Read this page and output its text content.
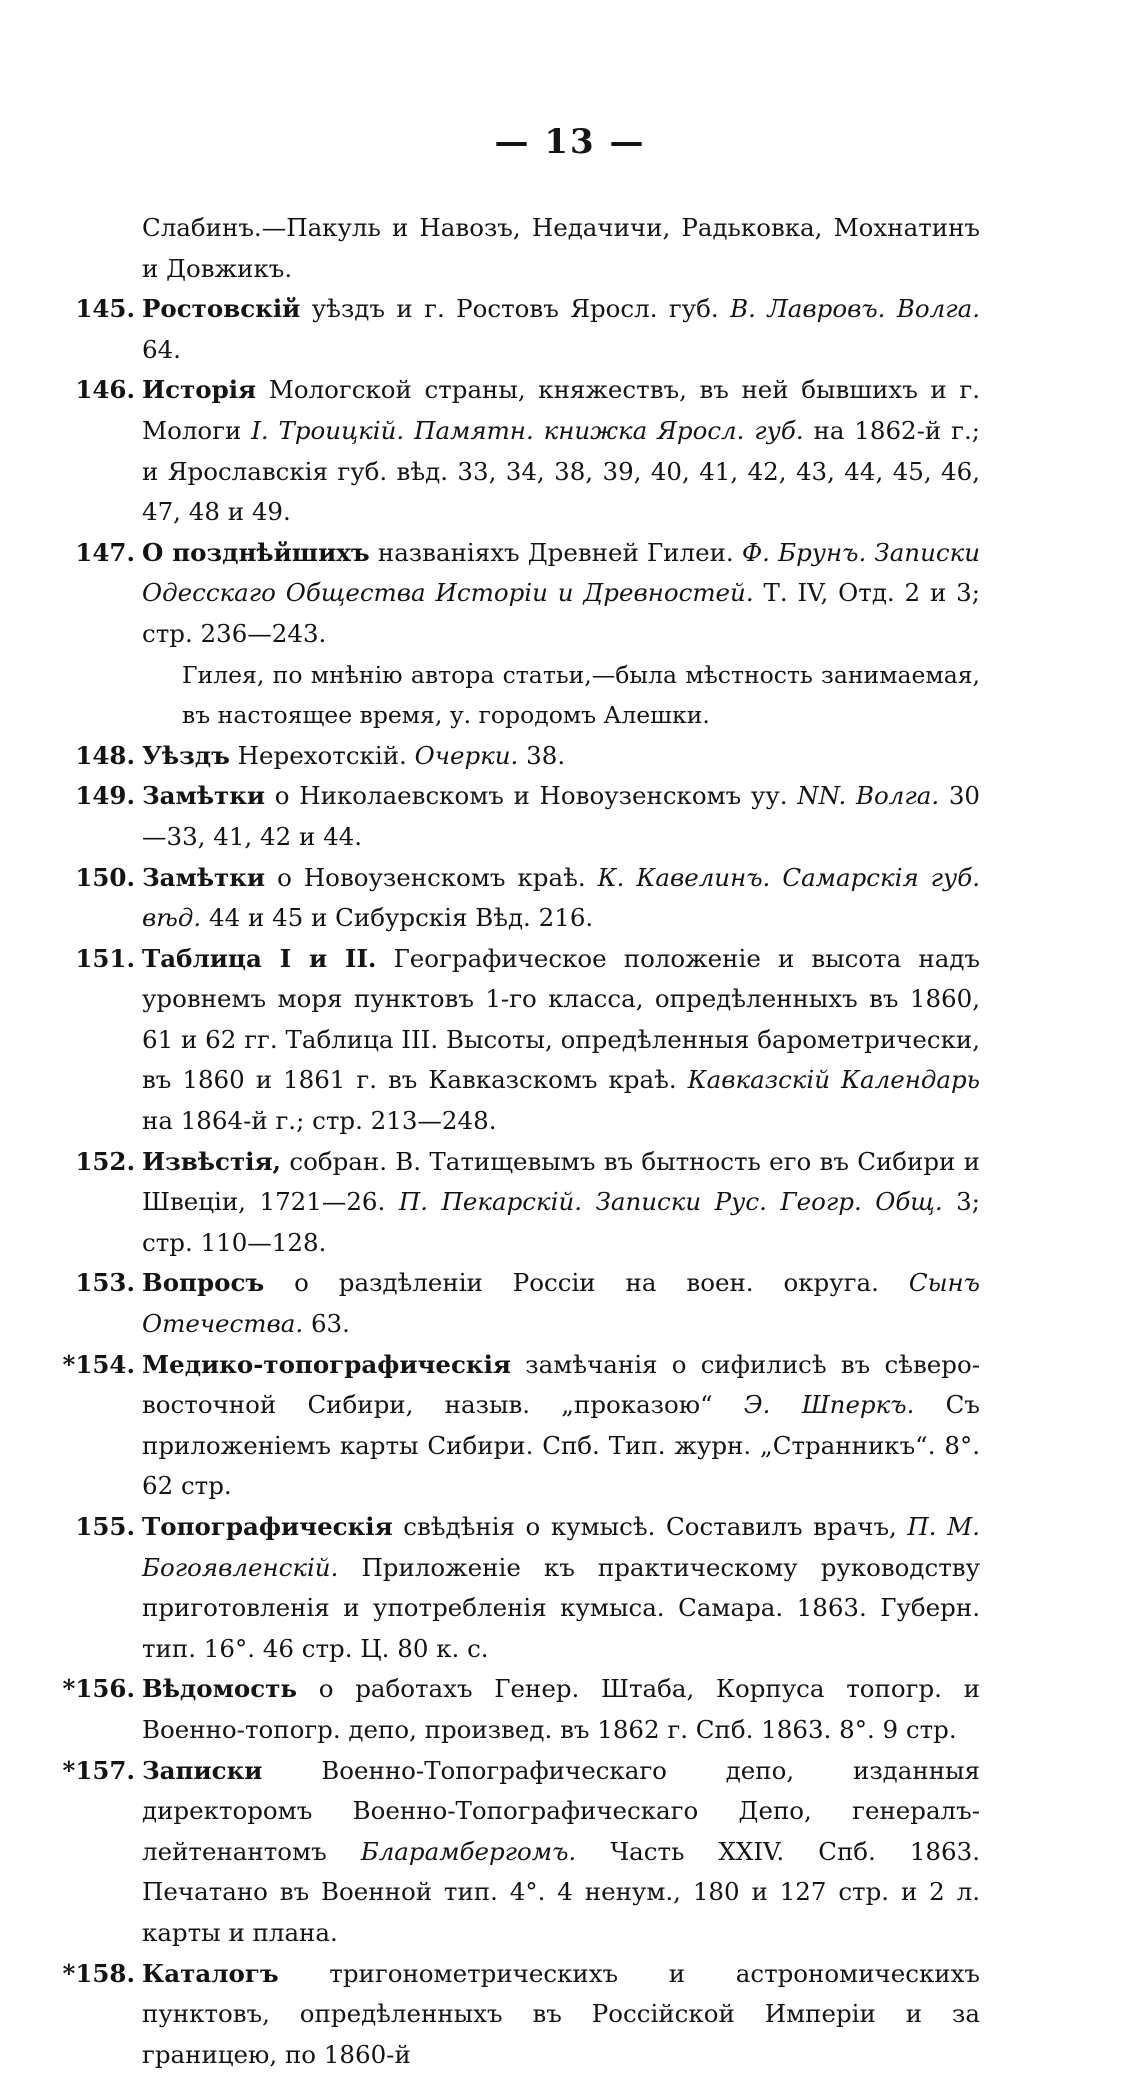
— 13 —
Слабинъ.—Пакуль и Навозъ, Недачичи, Радьковка, Мохнатинъ и Довжикъ.
145. Ростовскій уѣздъ и г. Ростовъ Яросл. губ. В. Лавровъ. Волга. 64.
146. Исторія Мологской страны, княжествъ, въ ней бывшихъ и г. Мологи I. Троицкій. Памятн. книжка Яросл. губ. на 1862-й г.; и Ярославскія губ. вѣд. 33, 34, 38, 39, 40, 41, 42, 43, 44, 45, 46, 47, 48 и 49.
147. О позднѣйшихъ названіяхъ Древней Гилеи. Ф. Брунъ. Записки Одесскаго Общества Исторіи и Древностей. Т. IV, Отд. 2 и 3; стр. 236—243.
Гилея, по мнѣнію автора статьи,—была мѣстность занимаемая, въ настоящее время, у. городомъ Алешки.
148. Уѣздъ Нерехотскій. Очерки. 38.
149. Замѣтки о Николаевскомъ и Новоузенскомъ уу. NN. Волга. 30—33, 41, 42 и 44.
150. Замѣтки о Новоузенскомъ краѣ. К. Кавелинъ. Самарскія губ. вѣд. 44 и 45 и Сибурскія Вѣд. 216.
151. Таблица I и II. Географическое положеніе и высота надъ уровнемъ моря пунктовъ 1-го класса, опредѣленныхъ въ 1860, 61 и 62 гг. Таблица III. Высоты, опредѣленныя барометрически, въ 1860 и 1861 г. въ Кавказскомъ краѣ. Кавказскій Календарь на 1864-й г.; стр. 213—248.
152. Извѣстія, собран. В. Татищевымъ въ бытность его въ Сибири и Швеціи, 1721—26. П. Пекарскій. Записки Рус. Геогр. Общ. 3; стр. 110—128.
153. Вопросъ о раздѣленіи Россіи на воен. округа. Сынъ Отечества. 63.
*154. Медико-топографическія замѣчанія о сифилисѣ въ сѣверо-восточной Сибири, назыв. „проказою“ Э. Шперкъ. Съ приложеніемъ карты Сибири. Спб. Тип. журн. „Странникъ“. 8°. 62 стр.
155. Топографическія свѣдѣнія о кумысѣ. Составилъ врачъ, П. М. Богоявленскій. Приложеніе къ практическому руководству приготовленія и употребленія кумыса. Самара. 1863. Губерн. тип. 16°. 46 стр. Ц. 80 к. с.
*156. Вѣдомость о работахъ Генер. Штаба, Корпуса топогр. и Военно-топогр. депо, произвед. въ 1862 г. Спб. 1863. 8°. 9 стр.
*157. Записки Военно-Топографическаго депо, изданныя директоромъ Военно-Топографическаго Депо, генералъ-лейтенантомъ Бларамбергомъ. Часть XXIV. Спб. 1863. Печатано въ Военной тип. 4°. 4 ненум., 180 и 127 стр. и 2 л. карты и плана.
*158. Каталогъ тригонометрическихъ и астрономическихъ пунктовъ, опредѣленныхъ въ Россійской Имперіи и за границею, по 1860-й
